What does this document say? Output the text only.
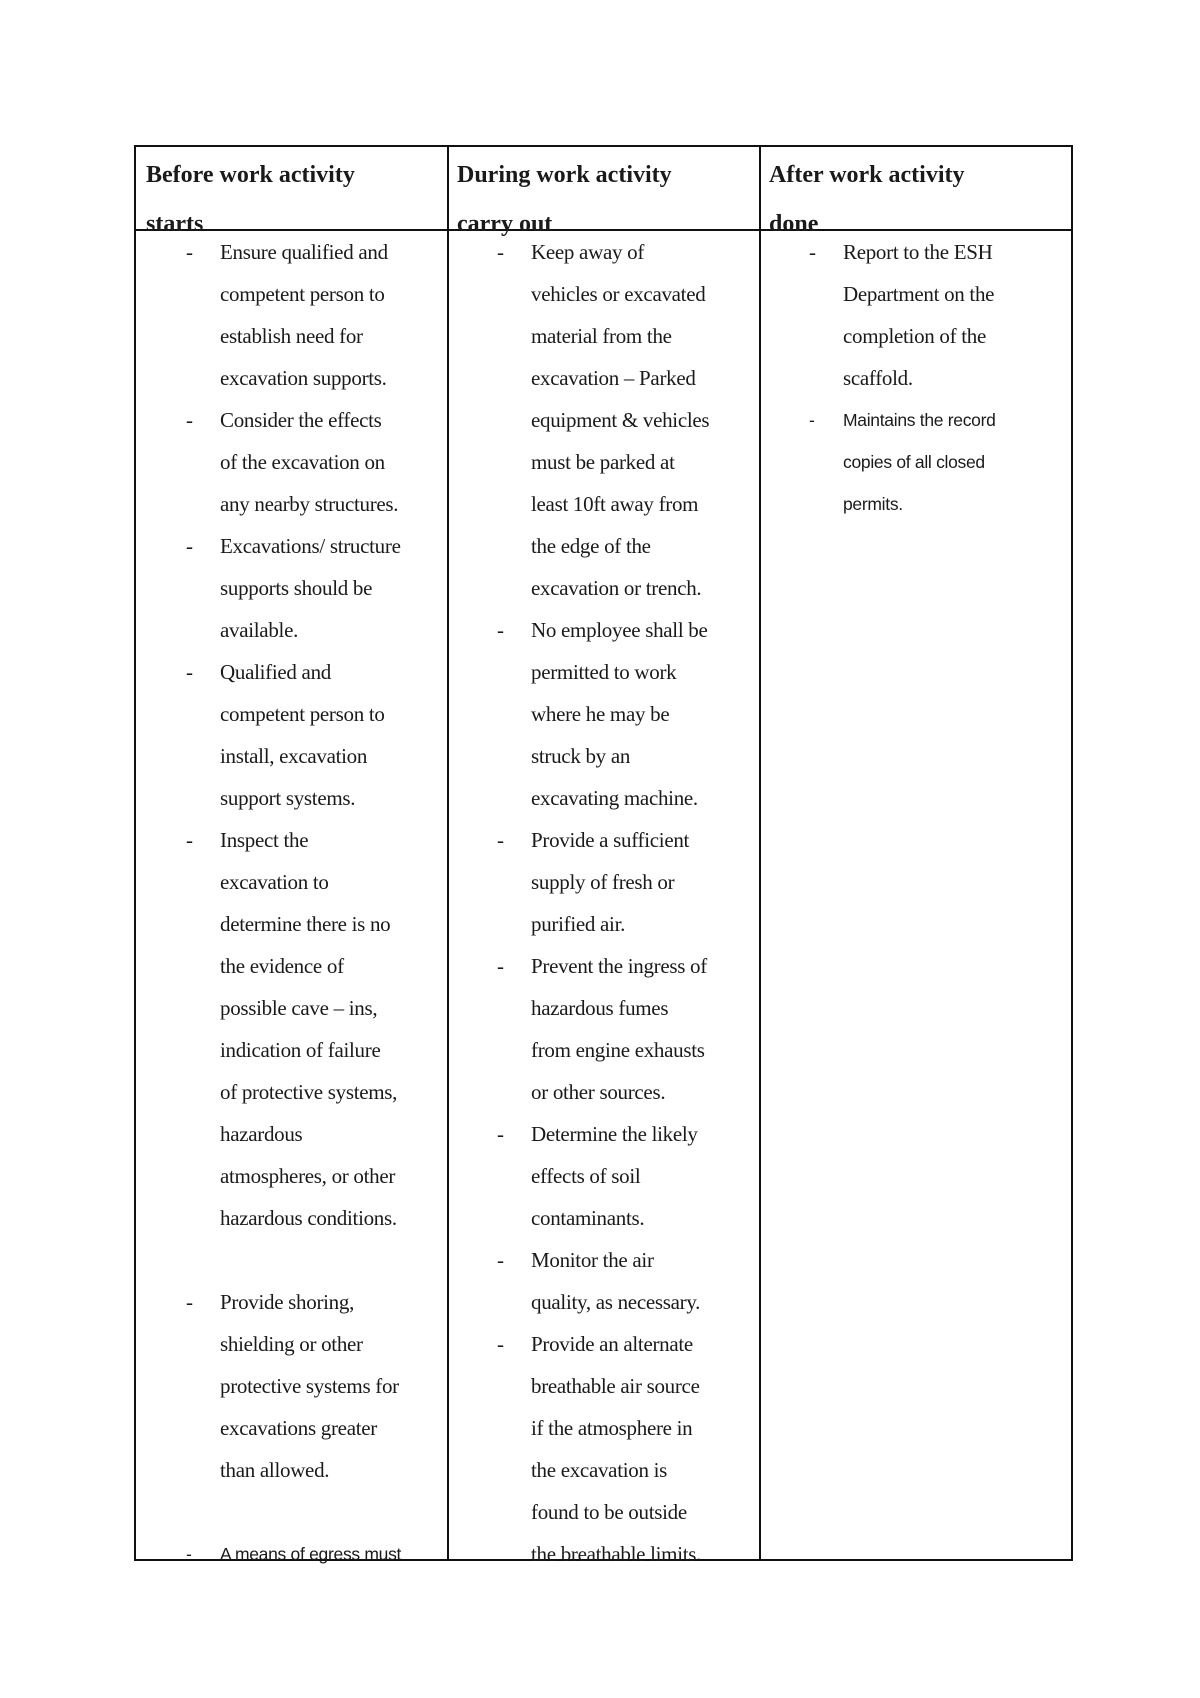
Before work activity
starts
During work activity
carry out
After work activity
done
- Ensure qualified and
competent person to
establish need for
excavation supports.
- Consider the effects
of the excavation on
any nearby structures.
- Excavations/ structure
supports should be
available.
- Qualified and
competent person to
install, excavation
support systems.
- Inspect the
excavation to
determine there is no
the evidence of
possible cave – ins,
indication of failure
of protective systems,
hazardous
atmospheres, or other
hazardous conditions.
- Provide shoring,
shielding or other
protective systems for
excavations greater
than allowed.
- A means of egress must
- Keep away of
vehicles or excavated
material from the
excavation – Parked
equipment & vehicles
must be parked at
least 10ft away from
the edge of the
excavation or trench.
- No employee shall be
permitted to work
where he may be
struck by an
excavating machine.
- Provide a sufficient
supply of fresh or
purified air.
- Prevent the ingress of
hazardous fumes
from engine exhausts
or other sources.
- Determine the likely
effects of soil
contaminants.
- Monitor the air
quality, as necessary.
- Provide an alternate
breathable air source
if the atmosphere in
the excavation is
found to be outside
the breathable limits.
- Report to the ESH
Department on the
completion of the
scaffold.
- Maintains the record
copies of all closed
permits.
